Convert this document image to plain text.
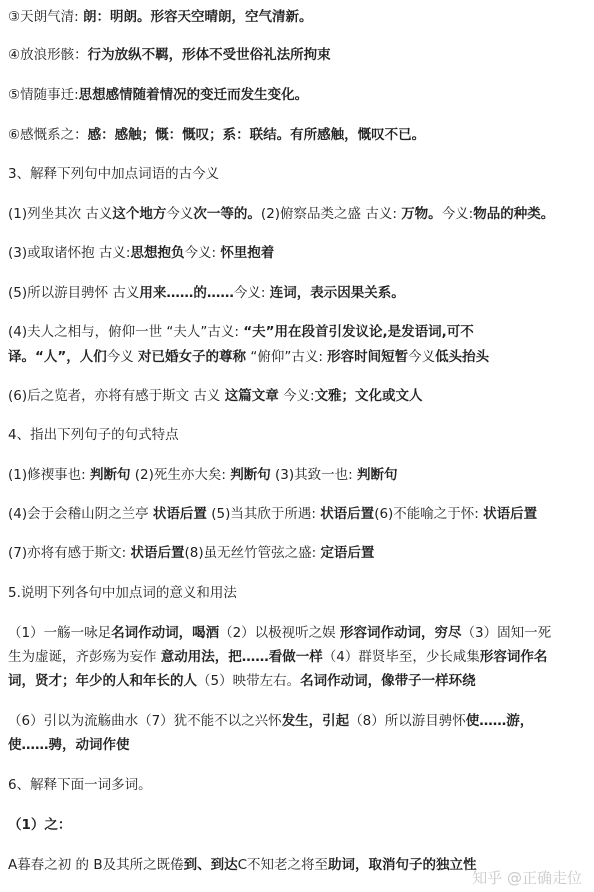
③天朗气清: 朗：明朗。形容天空晴朗，空气清新。
④放浪形骸：行为放纵不羁，形体不受世俗礼法所拘束
⑤情随事迁:思想感情随着情况的变迁而发生变化。
⑥感慨系之：感：感触；慨：慨叹；系：联结。有所感触，慨叹不已。
3、解释下列句中加点词语的古今义
(1)列坐其次 古义这个地方今义次一等的。(2)俯察品类之盛 古义: 万物。今义:物品的种类。
(3)或取诸怀抱 古义:思想抱负今义: 怀里抱着
(5)所以游目骋怀 古义用来……的……今义: 连词，表示因果关系。
(4)夫人之相与，俯仰一世 “夫人”古义: “夫”用在段首引发议论,是发语词,可不
译。“人”，人们今义 对已婚女子的尊称 “俯仰”古义: 形容时间短暂今义低头抬头
(6)后之览者，亦将有感于斯文 古义 这篇文章 今义:文雅；文化或文人
4、指出下列句子的句式特点
(1)修禊事也: 判断句 (2)死生亦大矣: 判断句 (3)其致一也: 判断句
(4)会于会稽山阴之兰亭 状语后置 (5)当其欣于所遇: 状语后置(6)不能喻之于怀: 状语后置
(7)亦将有感于斯文: 状语后置(8)虽无丝竹管弦之盛: 定语后置
5.说明下列各句中加点词的意义和用法
（1）一觞一咏足名词作动词，喝酒（2）以极视听之娱 形容词作动词，穷尽（3）固知一死
生为虚诞，齐彭殇为妄作 意动用法，把……看做一样（4）群贤毕至，少长咸集形容词作名
词，贤才；年少的人和年长的人（5）映带左右。名词作动词，像带子一样环绕
（6）引以为流觞曲水（7）犹不能不以之兴怀发生，引起（8）所以游目骋怀使……游，
使……骋，动词作使
6、解释下面一词多词。
（1）之：
A暮春之初 的 B及其所之既倦到、到达C不知老之将至助词，取消句子的独立性
知乎 @正确走位
